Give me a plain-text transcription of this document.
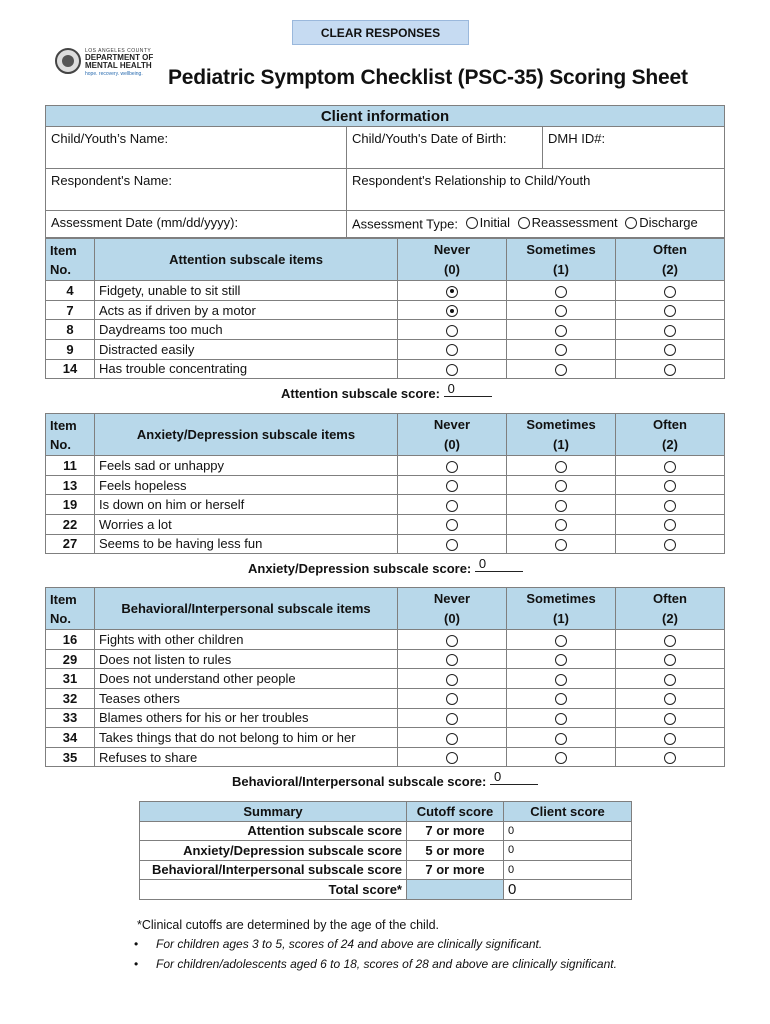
CLEAR RESPONSES
LOS ANGELES COUNTY
DEPARTMENT OF
MENTAL HEALTH
hope. recovery. wellbeing. Pediatric Symptom Checklist (PSC-35) Scoring Sheet
Client information		
Child/Youth’s Name:	Child/Youth's Date of Birth:	DMH ID#:
Respondent's Name:	Respondent's Relationship to Child/Youth	
Assessment Date (mm/dd/yyyy):	Assessment Type: Initial
Reassessment
Discharge	
Item
No.	Attention subscale items	Never	Sometimes	Often
		(0)	(1)	(2)
4	Fidgety, unable to sit still			
7	Acts as if driven by a motor			
8	Daydreams too much			
9	Distracted easily			
14	Has trouble concentrating			
Attention subscale score: 0
Item
No.	Anxiety/Depression subscale items	Never	Sometimes	Often
		(0)	(1)	(2)
11	Feels sad or unhappy			
13	Feels hopeless			
19	Is down on him or herself			
22	Worries a lot			
27	Seems to be having less fun			
Anxiety/Depression subscale score: 0
Item
No.	Behavioral/Interpersonal subscale items	Never	Sometimes	Often
		(0)	(1)	(2)
16	Fights with other children			
29	Does not listen to rules			
31	Does not understand other people			
32	Teases others			
33	Blames others for his or her troubles			
34	Takes things that do not belong to him or her			
35	Refuses to share			
Behavioral/Interpersonal subscale score: 0
Summary	Cutoff score	Client score
Attention subscale score	7 or more	0
Anxiety/Depression subscale score	5 or more	0
Behavioral/Interpersonal subscale score	7 or more	0
Total score*		0
*Clinical cutoffs are determined by the age of the child.
• For children ages 3 to 5, scores of 24 and above are clinically significant.
• For children/adolescents aged 6 to 18, scores of 28 and above are clinically significant.
